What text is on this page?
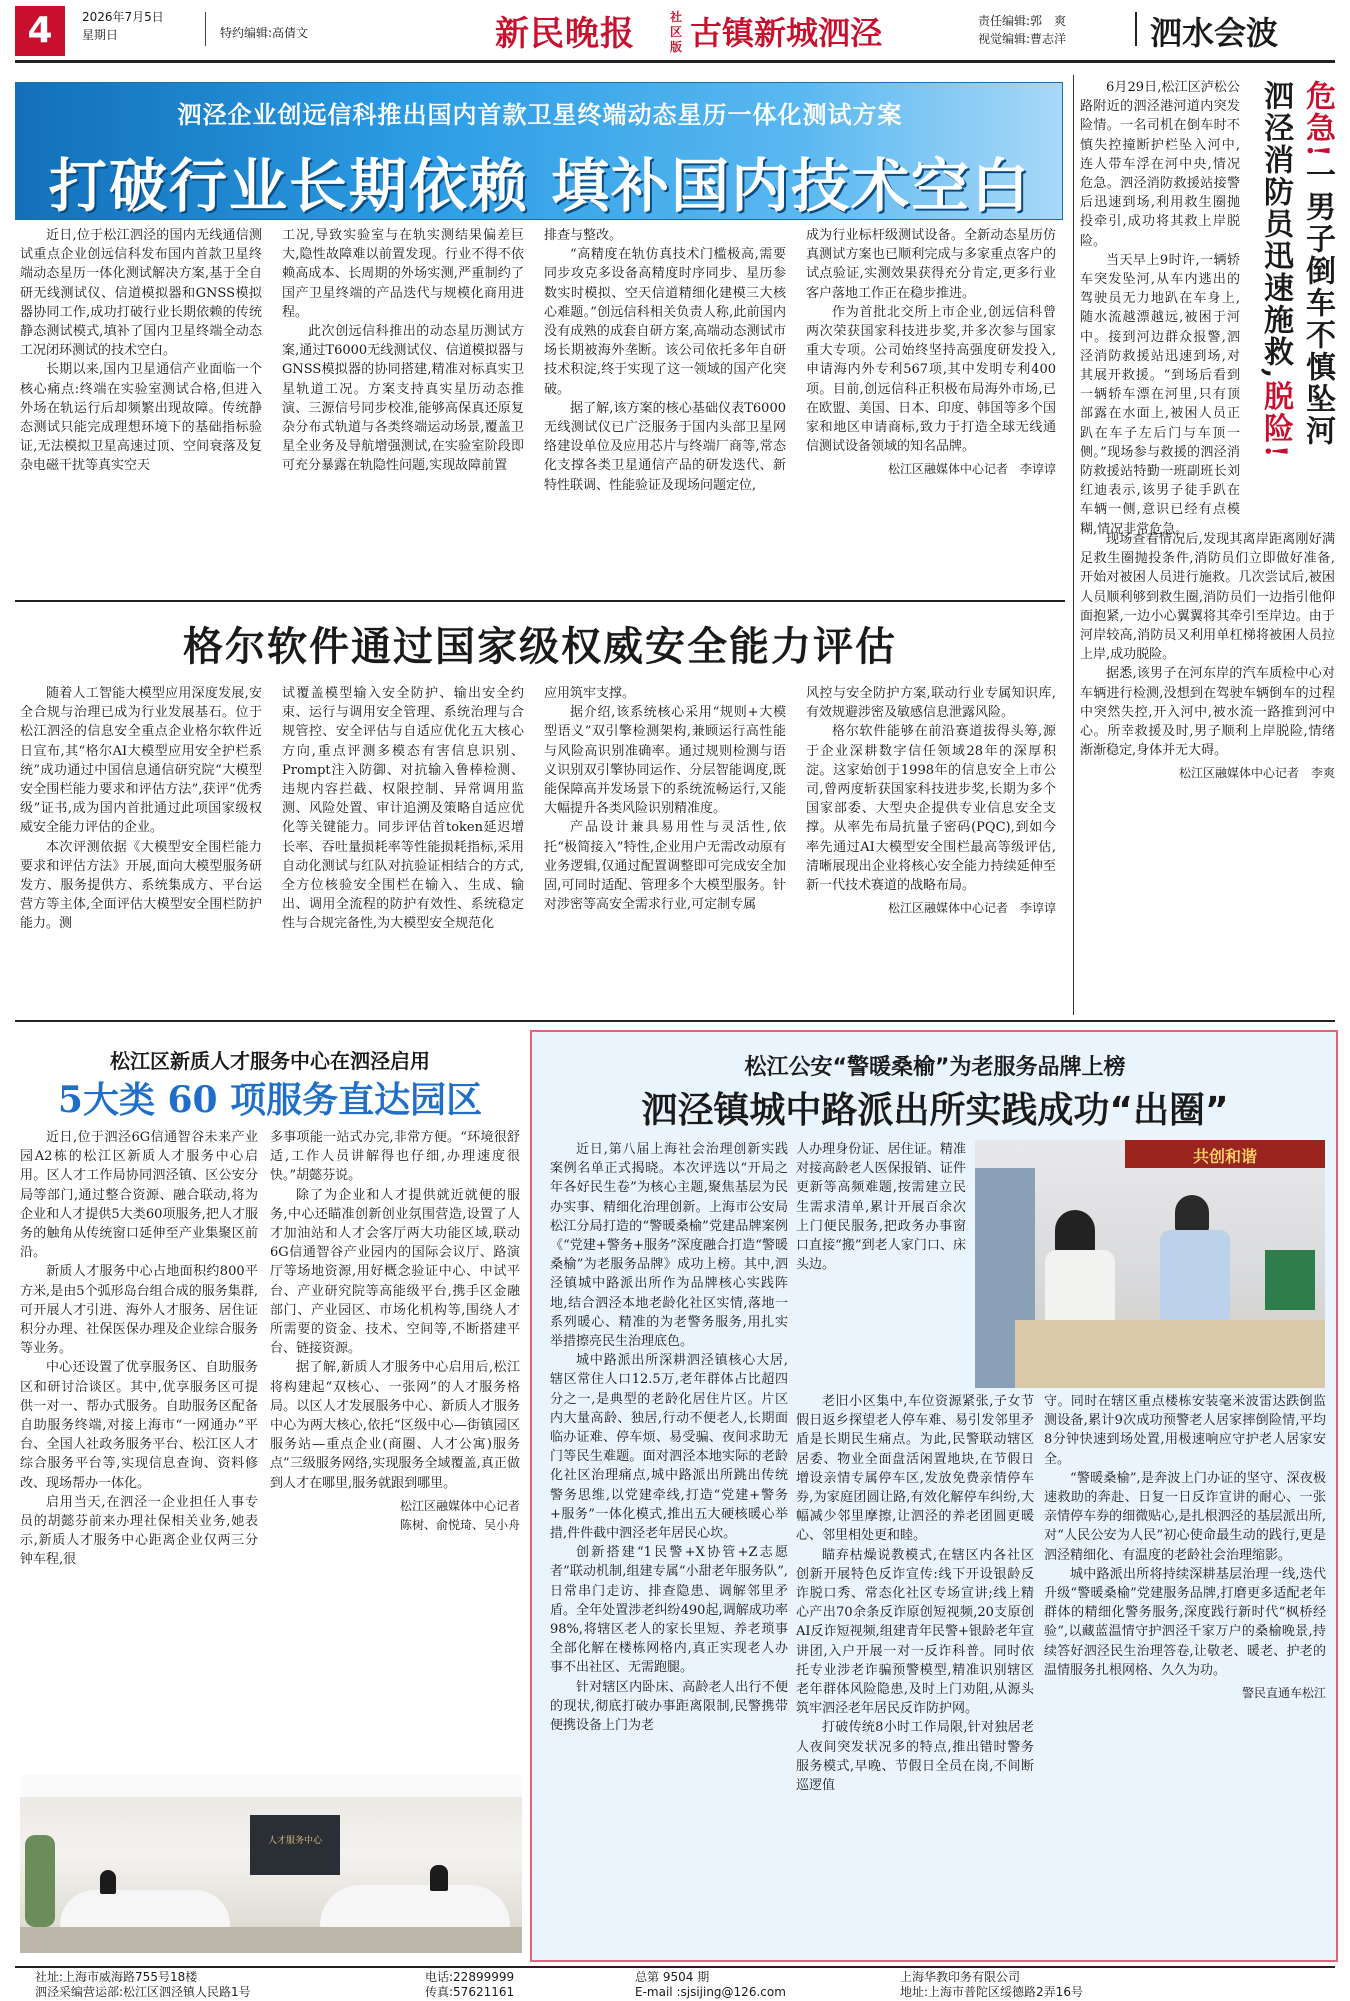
4	2026年7月5日
星期日	特约编辑:高倩文	新民晚报	社区
版 古镇新城泗泾	责任编辑:郭　爽
视觉编辑:曹志洋	泗水会波
泗泾企业创远信科推出国内首款卫星终端动态星历一体化测试方案
打破行业长期依赖 填补国内技术空白

近日,位于松江泗泾的国内无线通信测试重点企业创远信科发布国内首款卫星终端动态星历一体化测试解决方案,基于全自研无线测试仪、信道模拟器和GNSS模拟器协同工作,成功打破行业长期依赖的传统静态测试模式,填补了国内卫星终端全动态工况闭环测试的技术空白。

长期以来,国内卫星通信产业面临一个核心痛点:终端在实验室测试合格,但进入外场在轨运行后却频繁出现故障。传统静态测试只能完成理想环境下的基础指标验证,无法模拟卫星高速过顶、空间衰落及复杂电磁干扰等真实空天

工况,导致实验室与在轨实测结果偏差巨大,隐性故障难以前置发现。行业不得不依赖高成本、长周期的外场实测,严重制约了国产卫星终端的产品迭代与规模化商用进程。

此次创远信科推出的动态星历测试方案,通过T6000无线测试仪、信道模拟器与GNSS模拟器的协同搭建,精准对标真实卫星轨道工况。方案支持真实星历动态推演、三源信号同步校准,能够高保真还原复杂分布式轨道与各类终端运动场景,覆盖卫星全业务及导航增强测试,在实验室阶段即可充分暴露在轨隐性问题,实现故障前置

排查与整改。

“高精度在轨仿真技术门槛极高,需要同步攻克多设备高精度时序同步、星历参数实时模拟、空天信道精细化建模三大核心难题。”创远信科相关负责人称,此前国内没有成熟的成套自研方案,高端动态测试市场长期被海外垄断。该公司依托多年自研技术积淀,终于实现了这一领域的国产化突破。

据了解,该方案的核心基础仪表T6000无线测试仪已广泛服务于国内头部卫星网络建设单位及应用芯片与终端厂商等,常态化支撑各类卫星通信产品的研发迭代、新特性联调、性能验证及现场问题定位,

成为行业标杆级测试设备。全新动态星历仿真测试方案也已顺利完成与多家重点客户的试点验证,实测效果获得充分肯定,更多行业客户落地工作正在稳步推进。

作为首批北交所上市企业,创远信科曾两次荣获国家科技进步奖,并多次参与国家重大专项。公司始终坚持高强度研发投入,申请海内外专利567项,其中发明专利400项。目前,创远信科正积极布局海外市场,已在欧盟、美国、日本、印度、韩国等多个国家和地区申请商标,致力于打造全球无线通信测试设备领域的知名品牌。

松江区融媒体中心记者　李谆谆
格尔软件通过国家级权威安全能力评估

随着人工智能大模型应用深度发展,安全合规与治理已成为行业发展基石。位于松江泗泾的信息安全重点企业格尔软件近日宣布,其“格尔AI大模型应用安全护栏系统”成功通过中国信息通信研究院“大模型安全围栏能力要求和评估方法”,获评“优秀级”证书,成为国内首批通过此项国家级权威安全能力评估的企业。

本次评测依据《大模型安全围栏能力要求和评估方法》开展,面向大模型服务研发方、服务提供方、系统集成方、平台运营方等主体,全面评估大模型安全围栏防护能力。测

试覆盖模型输入安全防护、输出安全约束、运行与调用安全管理、系统治理与合规管控、安全评估与自适应优化五大核心方向,重点评测多模态有害信息识别、Prompt注入防御、对抗输入鲁棒检测、违规内容拦截、权限控制、异常调用监测、风险处置、审计追溯及策略自适应优化等关键能力。同步评估首token延迟增长率、吞吐量损耗率等性能损耗指标,采用自动化测试与红队对抗验证相结合的方式,全方位核验安全围栏在输入、生成、输出、调用全流程的防护有效性、系统稳定性与合规完备性,为大模型安全规范化

应用筑牢支撑。

据介绍,该系统核心采用“规则+大模型语义”双引擎检测架构,兼顾运行高性能与风险高识别准确率。通过规则检测与语义识别双引擎协同运作、分层智能调度,既能保障高并发场景下的系统流畅运行,又能大幅提升各类风险识别精准度。

产品设计兼具易用性与灵活性,依托“极简接入”特性,企业用户无需改动原有业务逻辑,仅通过配置调整即可完成安全加固,可同时适配、管理多个大模型服务。针对涉密等高安全需求行业,可定制专属

风控与安全防护方案,联动行业专属知识库,有效规避涉密及敏感信息泄露风险。

格尔软件能够在前沿赛道拔得头筹,源于企业深耕数字信任领域28年的深厚积淀。这家始创于1998年的信息安全上市公司,曾两度斩获国家科技进步奖,长期为多个国家部委、大型央企提供专业信息安全支撑。从率先布局抗量子密码(PQC),到如今率先通过AI大模型安全围栏最高等级评估,清晰展现出企业将核心安全能力持续延伸至新一代技术赛道的战略布局。

松江区融媒体中心记者　李谆谆

6月29日,松江区泸松公路附近的泗泾港河道内突发险情。一名司机在倒车时不慎失控撞断护栏坠入河中,连人带车浮在河中央,情况危急。泗泾消防救援站接警后迅速到场,利用救生圈抛投牵引,成功将其救上岸脱险。

当天早上9时许,一辆轿车突发坠河,从车内逃出的驾驶员无力地趴在车身上,随水流越漂越远,被困于河中。接到河边群众报警,泗泾消防救援站迅速到场,对其展开救援。“到场后看到一辆轿车漂在河里,只有顶部露在水面上,被困人员正趴在车子左后门与车顶一侧。”现场参与救援的泗泾消防救援站特勤一班副班长刘红迪表示,该男子徒手趴在车辆一侧,意识已经有点模糊,情况非常危急。

危急!一男子倒车不慎坠河
泗泾消防员迅速施救,脱险!

现场查看情况后,发现其离岸距离刚好满足救生圈抛投条件,消防员们立即做好准备,开始对被困人员进行施救。几次尝试后,被困人员顺利够到救生圈,消防员们一边指引他仰面抱紧,一边小心翼翼将其牵引至岸边。由于河岸较高,消防员又利用单杠梯将被困人员拉上岸,成功脱险。

据悉,该男子在河东岸的汽车质检中心对车辆进行检测,没想到在驾驶车辆倒车的过程中突然失控,开入河中,被水流一路推到河中心。所幸救援及时,男子顺利上岸脱险,情绪渐渐稳定,身体并无大碍。

松江区融媒体中心记者　李爽
松江区新质人才服务中心在泗泾启用
5大类 60 项服务直达园区

近日,位于泗泾6G信通智谷未来产业园A2栋的松江区新质人才服务中心启用。区人才工作局协同泗泾镇、区公安分局等部门,通过整合资源、融合联动,将为企业和人才提供5大类60项服务,把人才服务的触角从传统窗口延伸至产业集聚区前沿。

新质人才服务中心占地面积约800平方米,是由5个弧形岛台组合成的服务集群,可开展人才引进、海外人才服务、居住证积分办理、社保医保办理及企业综合服务等业务。

中心还设置了优享服务区、自助服务区和研讨洽谈区。其中,优享服务区可提供一对一、帮办式服务。自助服务区配备自助服务终端,对接上海市“一网通办”平台、全国人社政务服务平台、松江区人才综合服务平台等,实现信息查询、资料修改、现场帮办一体化。

启用当天,在泗泾一企业担任人事专员的胡懿芬前来办理社保相关业务,她表示,新质人才服务中心距离企业仅两三分钟车程,很

多事项能一站式办完,非常方便。“环境很舒适,工作人员讲解得也仔细,办理速度很快。”胡懿芬说。

除了为企业和人才提供就近就便的服务,中心还瞄准创新创业氛围营造,设置了人才加油站和人才会客厅两大功能区域,联动6G信通智谷产业园内的国际会议厅、路演厅等场地资源,用好概念验证中心、中试平台、产业研究院等高能级平台,携手区金融部门、产业园区、市场化机构等,围绕人才所需要的资金、技术、空间等,不断搭建平台、链接资源。

据了解,新质人才服务中心启用后,松江将构建起“双核心、一张网”的人才服务格局。以区人才发展服务中心、新质人才服务中心为两大核心,依托“区级中心—街镇园区服务站—重点企业(商圈、人才公寓)服务点”三级服务网络,实现服务全域覆盖,真正做到人才在哪里,服务就跟到哪里。

松江区融媒体中心记者
陈树、俞悦琦、吴小舟
人才服务中心
松江公安“警暖桑榆”为老服务品牌上榜
泗泾镇城中路派出所实践成功“出圈”

近日,第八届上海社会治理创新实践案例名单正式揭晓。本次评选以“开局之年各好民生卷”为核心主题,聚焦基层为民办实事、精细化治理创新。上海市公安局松江分局打造的“警暖桑榆”党建品牌案例《“党建+警务+服务”深度融合打造“警暖桑榆”为老服务品牌》成功上榜。其中,泗泾镇城中路派出所作为品牌核心实践阵地,结合泗泾本地老龄化社区实情,落地一系列暖心、精准的为老警务服务,用扎实举措擦亮民生治理底色。

城中路派出所深耕泗泾镇核心大居,辖区常住人口12.5万,老年群体占比超四分之一,是典型的老龄化居住片区。片区内大量高龄、独居,行动不便老人,长期面临办证难、停车烦、易受骗、夜间求助无门等民生难题。面对泗泾本地实际的老龄化社区治理痛点,城中路派出所跳出传统警务思维,以党建牵线,打造“党建+警务+服务”一体化模式,推出五大硬核暖心举措,件件截中泗泾老年居民心坎。

创新搭建“1民警+X协管+Z志愿者”联动机制,组建专属“小甜老年服务队”,日常串门走访、排查隐患、调解邻里矛盾。全年处置涉老纠纷490起,调解成功率98%,将辖区老人的家长里短、养老琐事全部化解在楼栋网格内,真正实现老人办事不出社区、无需跑腿。

针对辖区内卧床、高龄老人出行不便的现状,彻底打破办事距离限制,民警携带便携设备上门为老

共创和谐

人办理身份证、居住证。精准对接高龄老人医保报销、证件更新等高频难题,按需建立民生需求清单,累计开展百余次上门便民服务,把政务办事窗口直接“搬”到老人家门口、床头边。

老旧小区集中,车位资源紧张,子女节假日返乡探望老人停车难、易引发邻里矛盾是长期民生痛点。为此,民警联动辖区居委、物业全面盘活闲置地块,在节假日增设亲情专属停车区,发放免费亲情停车券,为家庭团圆让路,有效化解停车纠纷,大幅减少邻里摩擦,让泗泾的养老团圆更暖心、邻里相处更和睦。

瞄弃枯燥说教模式,在辖区内各社区创新开展特色反诈宣传:线下开设银龄反诈脱口秀、常态化社区专场宣讲;线上精心产出70余条反诈原创短视频,20支原创AI反诈短视频,组建青年民警+银龄老年宣讲团,入户开展一对一反诈科普。同时依托专业涉老诈骗预警模型,精准识别辖区老年群体风险隐患,及时上门劝阻,从源头筑牢泗泾老年居民反诈防护网。

打破传统8小时工作局限,针对独居老人夜间突发状况多的特点,推出错时警务服务模式,早晚、节假日全员在岗,不间断巡逻值

守。同时在辖区重点楼栋安装毫米波雷达跌倒监测设备,累计9次成功预警老人居家摔倒险情,平均8分钟快速到场处置,用极速响应守护老人居家安全。

“警暖桑榆”,是奔波上门办证的坚守、深夜极速救助的奔赴、日复一日反诈宣讲的耐心、一张亲情停车券的细微贴心,是扎根泗泾的基层派出所,对“人民公安为人民”初心使命最生动的践行,更是泗泾精细化、有温度的老龄社会治理缩影。

城中路派出所将持续深耕基层治理一线,迭代升级“警暖桑榆”党建服务品牌,打磨更多适配老年群体的精细化警务服务,深度践行新时代“枫桥经验”,以藏蓝温情守护泗泾千家万户的桑榆晚景,持续答好泗泾民生治理答卷,让敬老、暖老、护老的温情服务扎根网格、久久为功。

警民直通车松江
社址:上海市威海路755号18楼
泗泾采编营运部:松江区泗泾镇人民路1号
电话:22899999
传真:57621161
总第 9504 期
E-mail :sjsijing@126.com
上海华教印务有限公司
地址:上海市普陀区绥德路2弄16号
